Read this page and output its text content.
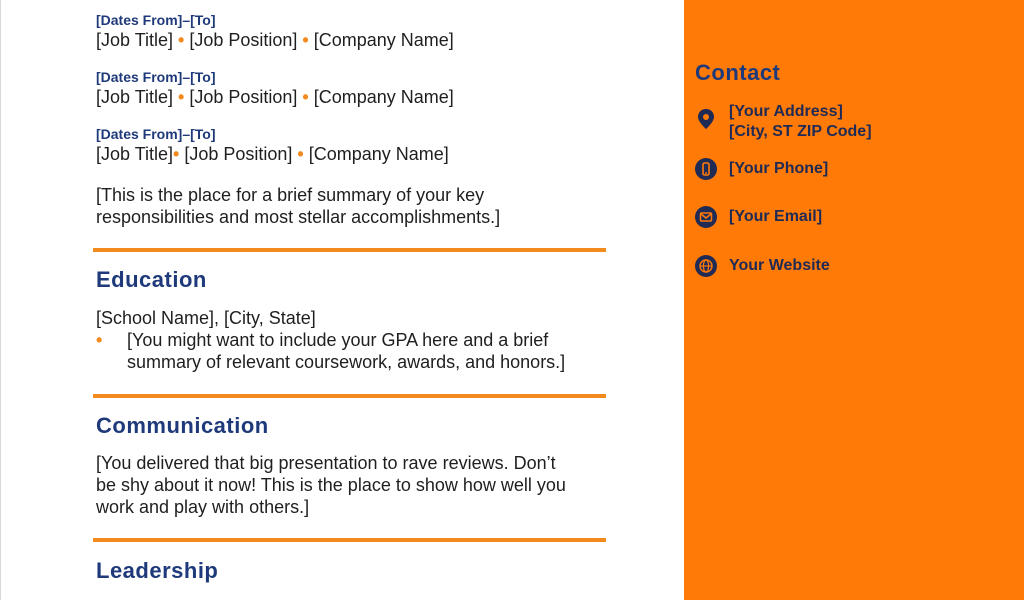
[Dates From]–[To]
[Job Title] • [Job Position] • [Company Name]
[Dates From]–[To]
[Job Title] • [Job Position] • [Company Name]
[Dates From]–[To]
[Job Title]• [Job Position] • [Company Name]
[This is the place for a brief summary of your key
responsibilities and most stellar accomplishments.]
Education
[School Name], [City, State]
• [You might want to include your GPA here and a brief
summary of relevant coursework, awards, and honors.]
Communication
[You delivered that big presentation to rave reviews. Don’t
be shy about it now! This is the place to show how well you
work and play with others.]
Leadership
Contact
[Your Address]
[City, ST ZIP Code]
[Your Phone]
[Your Email]
Your Website
